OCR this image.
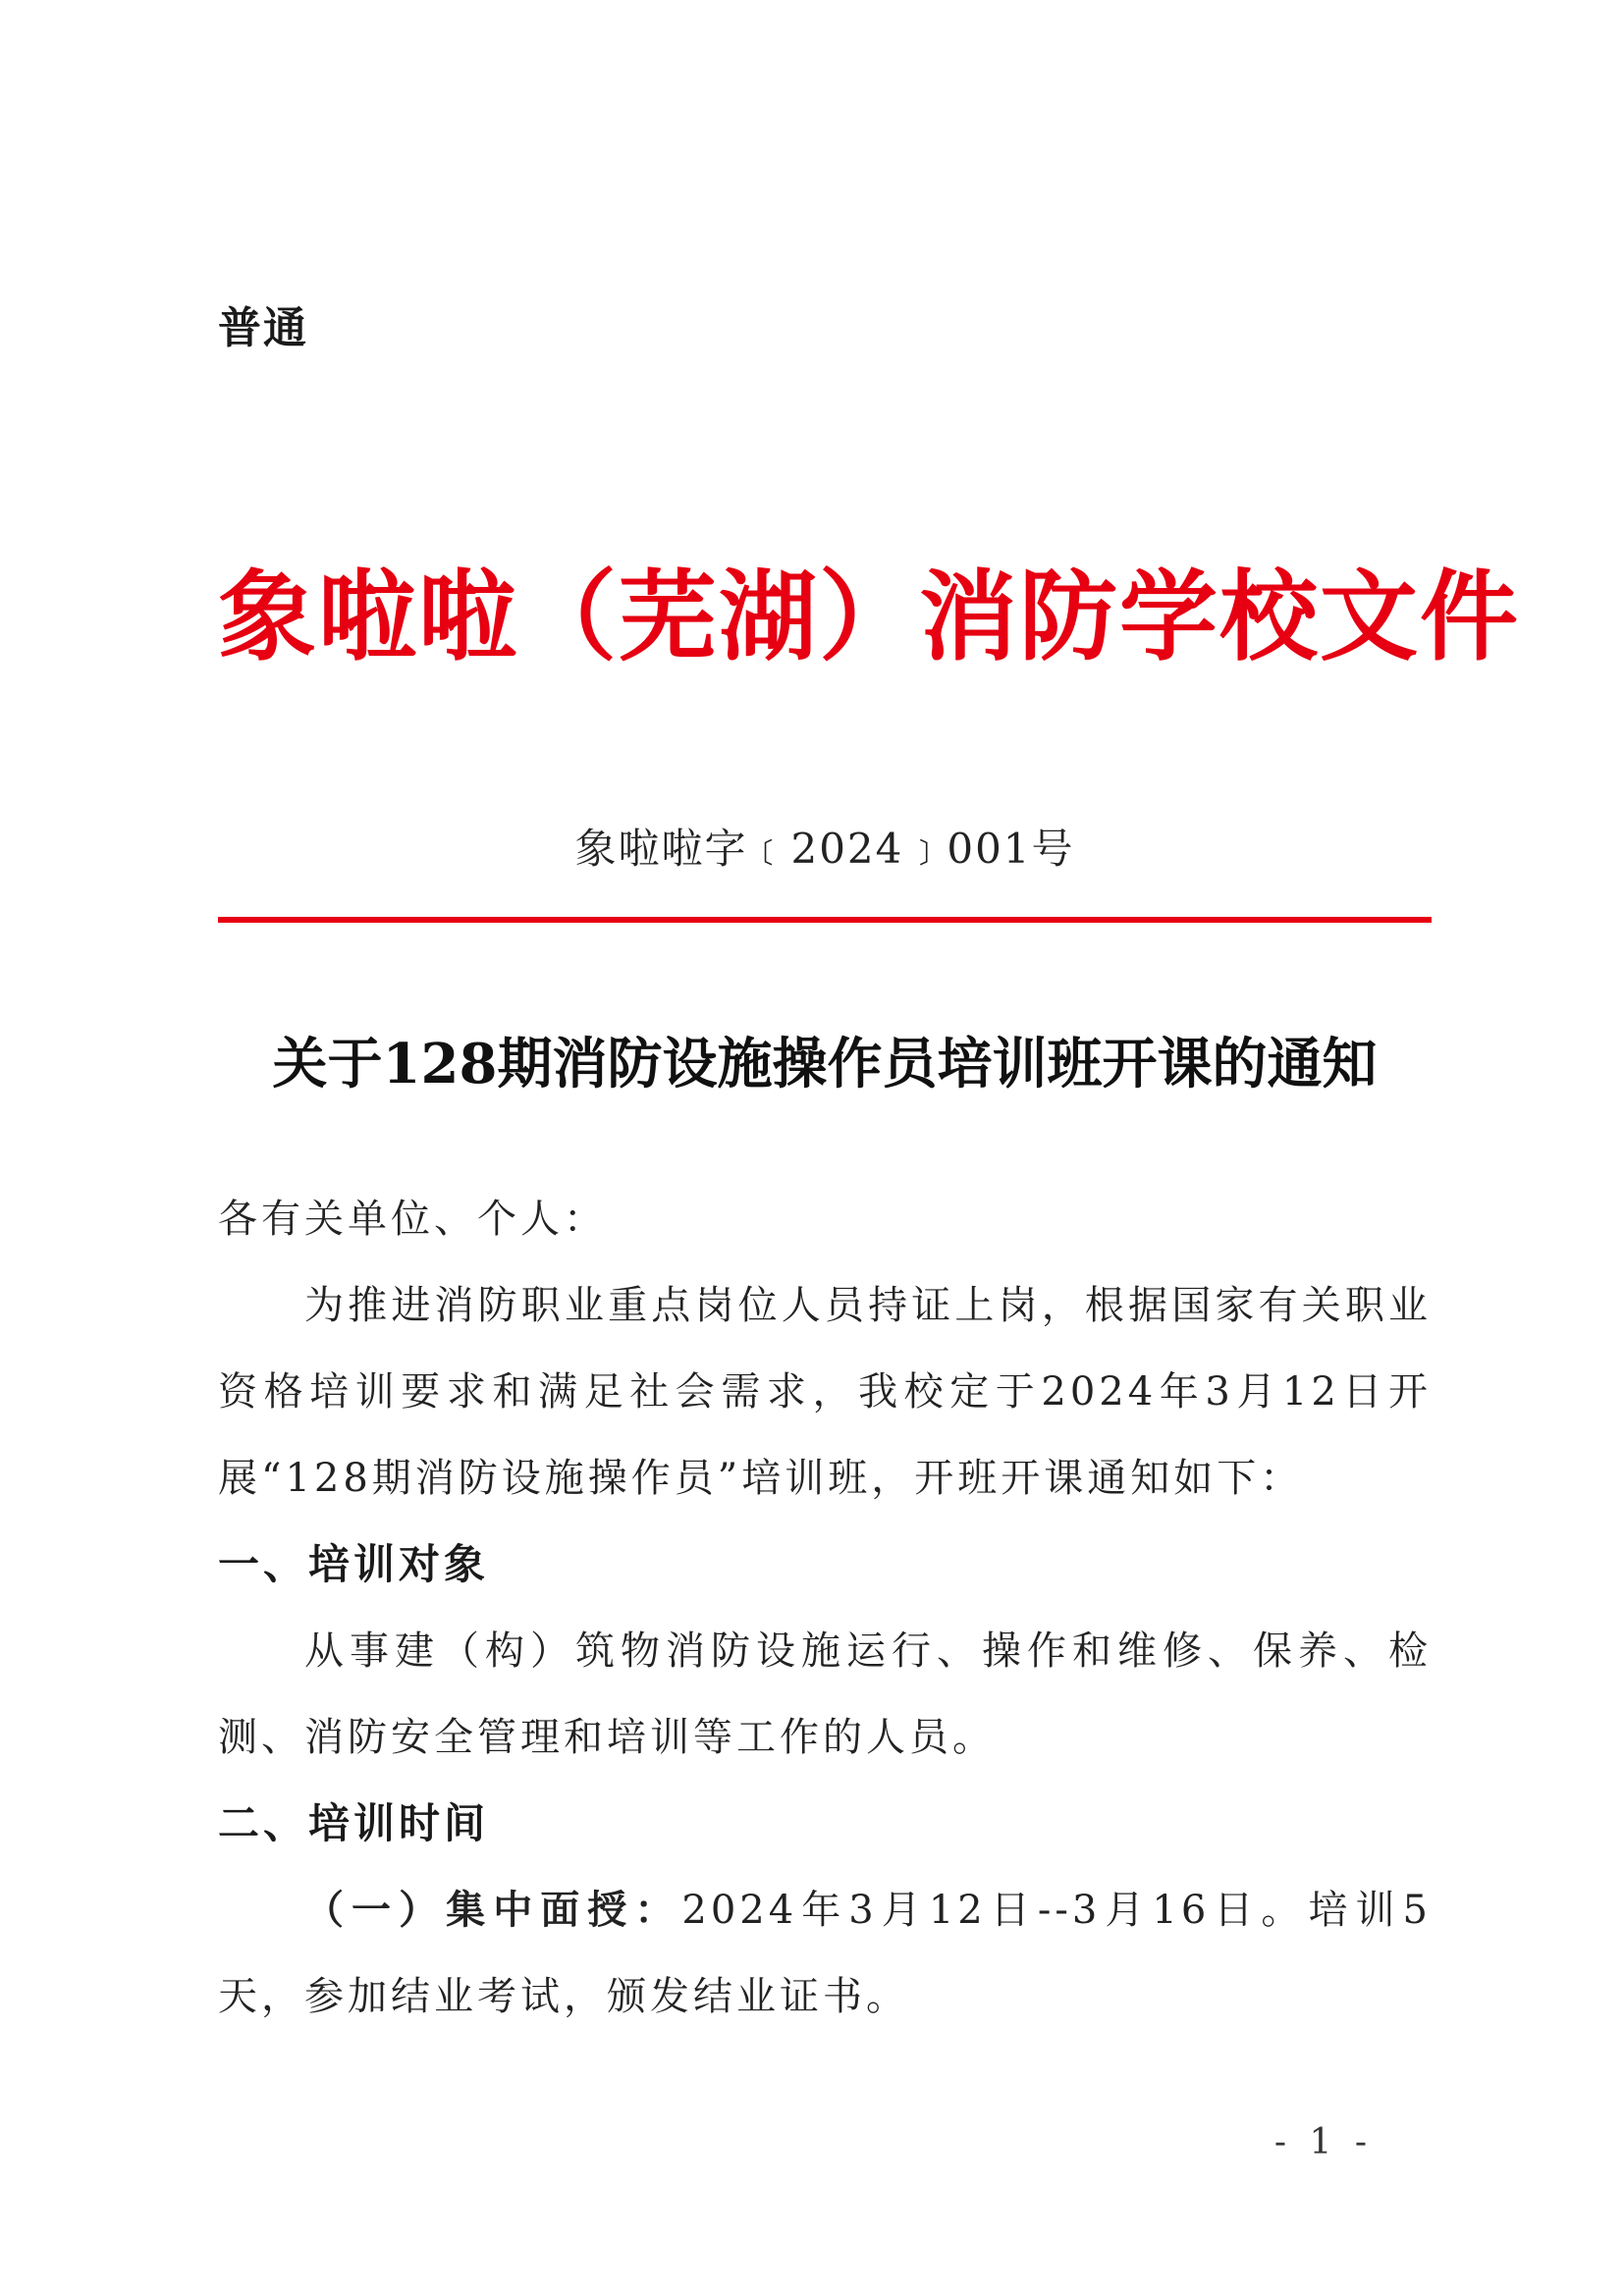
普通
象啦啦（芜湖）消防学校文件
象啦啦字﹝2024﹞001号
关于128期消防设施操作员培训班开课的通知
各有关单位、个人：
为推进消防职业重点岗位人员持证上岗，根据国家有关职业资格培训要求和满足社会需求，我校定于2024年3月12日开展“128期消防设施操作员”培训班，开班开课通知如下：
一、培训对象
从事建（构）筑物消防设施运行、操作和维修、保养、检测、消防安全管理和培训等工作的人员。
二、培训时间
（一）集中面授：2024年3月12日--3月16日。培训5天，参加结业考试，颁发结业证书。
- 1 -
